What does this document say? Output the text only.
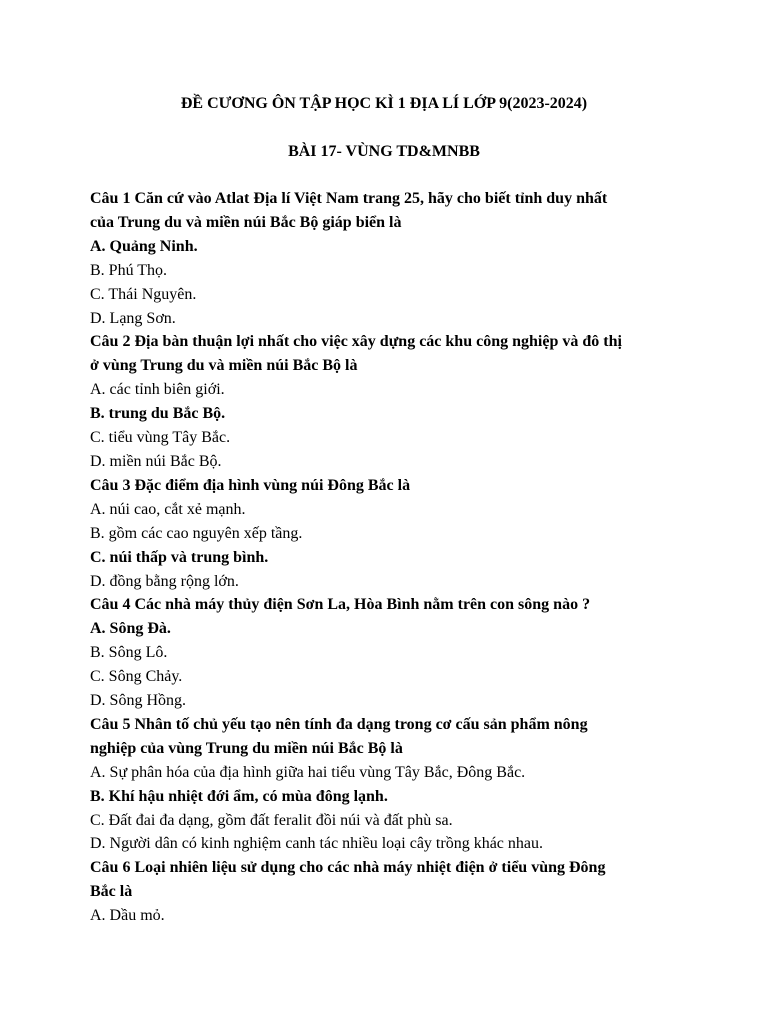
ĐỀ CƯƠNG ÔN TẬP HỌC KÌ 1 ĐỊA LÍ LỚP 9(2023-2024)
BÀI 17- VÙNG TD&MNBB
Câu 1 Căn cứ vào Atlat Địa lí Việt Nam trang 25, hãy cho biết tỉnh duy nhất
của Trung du và miền núi Bắc Bộ giáp biển là
A. Quảng Ninh.
B. Phú Thọ.
C. Thái Nguyên.
D. Lạng Sơn.
Câu 2 Địa bàn thuận lợi nhất cho việc xây dựng các khu công nghiệp và đô thị
ở vùng Trung du và miền núi Bắc Bộ là
A. các tỉnh biên giới.
B. trung du Bắc Bộ.
C. tiểu vùng Tây Bắc.
D. miền núi Bắc Bộ.
Câu 3 Đặc điểm địa hình vùng núi Đông Bắc là
A. núi cao, cắt xẻ mạnh.
B. gồm các cao nguyên xếp tầng.
C. núi thấp và trung bình.
D. đồng bằng rộng lớn.
Câu 4 Các nhà máy thủy điện Sơn La, Hòa Bình nằm trên con sông nào ?
A. Sông Đà.
B. Sông Lô.
C. Sông Chảy.
D. Sông Hồng.
Câu 5 Nhân tố chủ yếu tạo nên tính đa dạng trong cơ cấu sản phẩm nông
nghiệp của vùng Trung du miền núi Bắc Bộ là
A. Sự phân hóa của địa hình giữa hai tiểu vùng Tây Bắc, Đông Bắc.
B. Khí hậu nhiệt đới ẩm, có mùa đông lạnh.
C. Đất đai đa dạng, gồm đất feralit đồi núi và đất phù sa.
D. Người dân có kinh nghiệm canh tác nhiều loại cây trồng khác nhau.
Câu 6 Loại nhiên liệu sử dụng cho các nhà máy nhiệt điện ở tiểu vùng Đông
Bắc là
A. Dầu mỏ.
